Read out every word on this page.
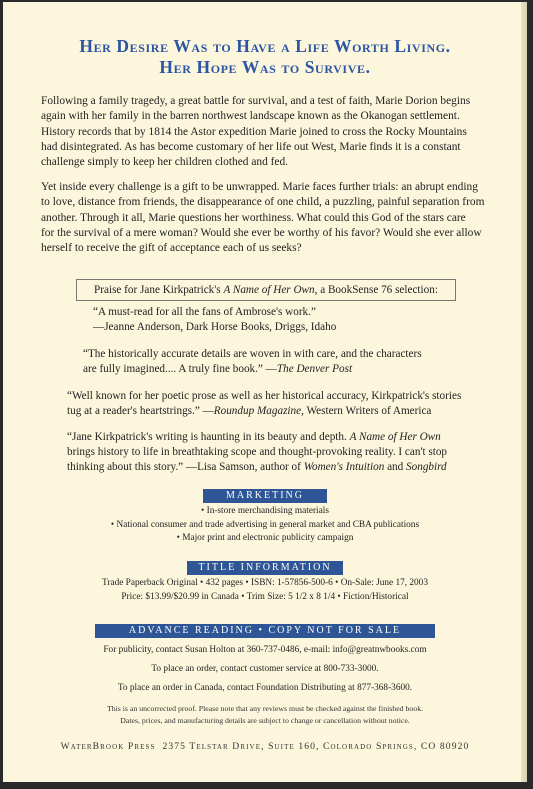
Her Desire Was to Have a Life Worth Living.
Her Hope Was to Survive.
Following a family tragedy, a great battle for survival, and a test of faith, Marie Dorion begins
again with her family in the barren northwest landscape known as the Okanogan settlement.
History records that by 1814 the Astor expedition Marie joined to cross the Rocky Mountains
had disintegrated. As has become customary of her life out West, Marie finds it is a constant
challenge simply to keep her children clothed and fed.
Yet inside every challenge is a gift to be unwrapped. Marie faces further trials: an abrupt ending
to love, distance from friends, the disappearance of one child, a puzzling, painful separation from
another. Through it all, Marie questions her worthiness. What could this God of the stars care
for the survival of a mere woman? Would she ever be worthy of his favor? Would she ever allow
herself to receive the gift of acceptance each of us seeks?
Praise for Jane Kirkpatrick's A Name of Her Own, a BookSense 76 selection:
“A must-read for all the fans of Ambrose's work.”
—Jeanne Anderson, Dark Horse Books, Driggs, Idaho
“The historically accurate details are woven in with care, and the characters
are fully imagined.... A truly fine book.” —The Denver Post
“Well known for her poetic prose as well as her historical accuracy, Kirkpatrick's stories
tug at a reader's heartstrings.” —Roundup Magazine, Western Writers of America
“Jane Kirkpatrick's writing is haunting in its beauty and depth. A Name of Her Own
brings history to life in breathtaking scope and thought-provoking reality. I can't stop
thinking about this story.” —Lisa Samson, author of Women's Intuition and Songbird
MARKETING
• In-store merchandising materials
• National consumer and trade advertising in general market and CBA publications
• Major print and electronic publicity campaign
TITLE INFORMATION
Trade Paperback Original • 432 pages • ISBN: 1-57856-500-6 • On-Sale: June 17, 2003
Price: $13.99/$20.99 in Canada • Trim Size: 5 1/2 x 8 1/4 • Fiction/Historical
ADVANCE READING • COPY NOT FOR SALE
For publicity, contact Susan Holton at 360-737-0486, e-mail: info@greatnwbooks.com
To place an order, contact customer service at 800-733-3000.
To place an order in Canada, contact Foundation Distributing at 877-368-3600.
This is an uncorrected proof. Please note that any reviews must be checked against the finished book.
Dates, prices, and manufacturing details are subject to change or cancellation without notice.
WaterBrook Press 2375 Telstar Drive, Suite 160, Colorado Springs, CO 80920
